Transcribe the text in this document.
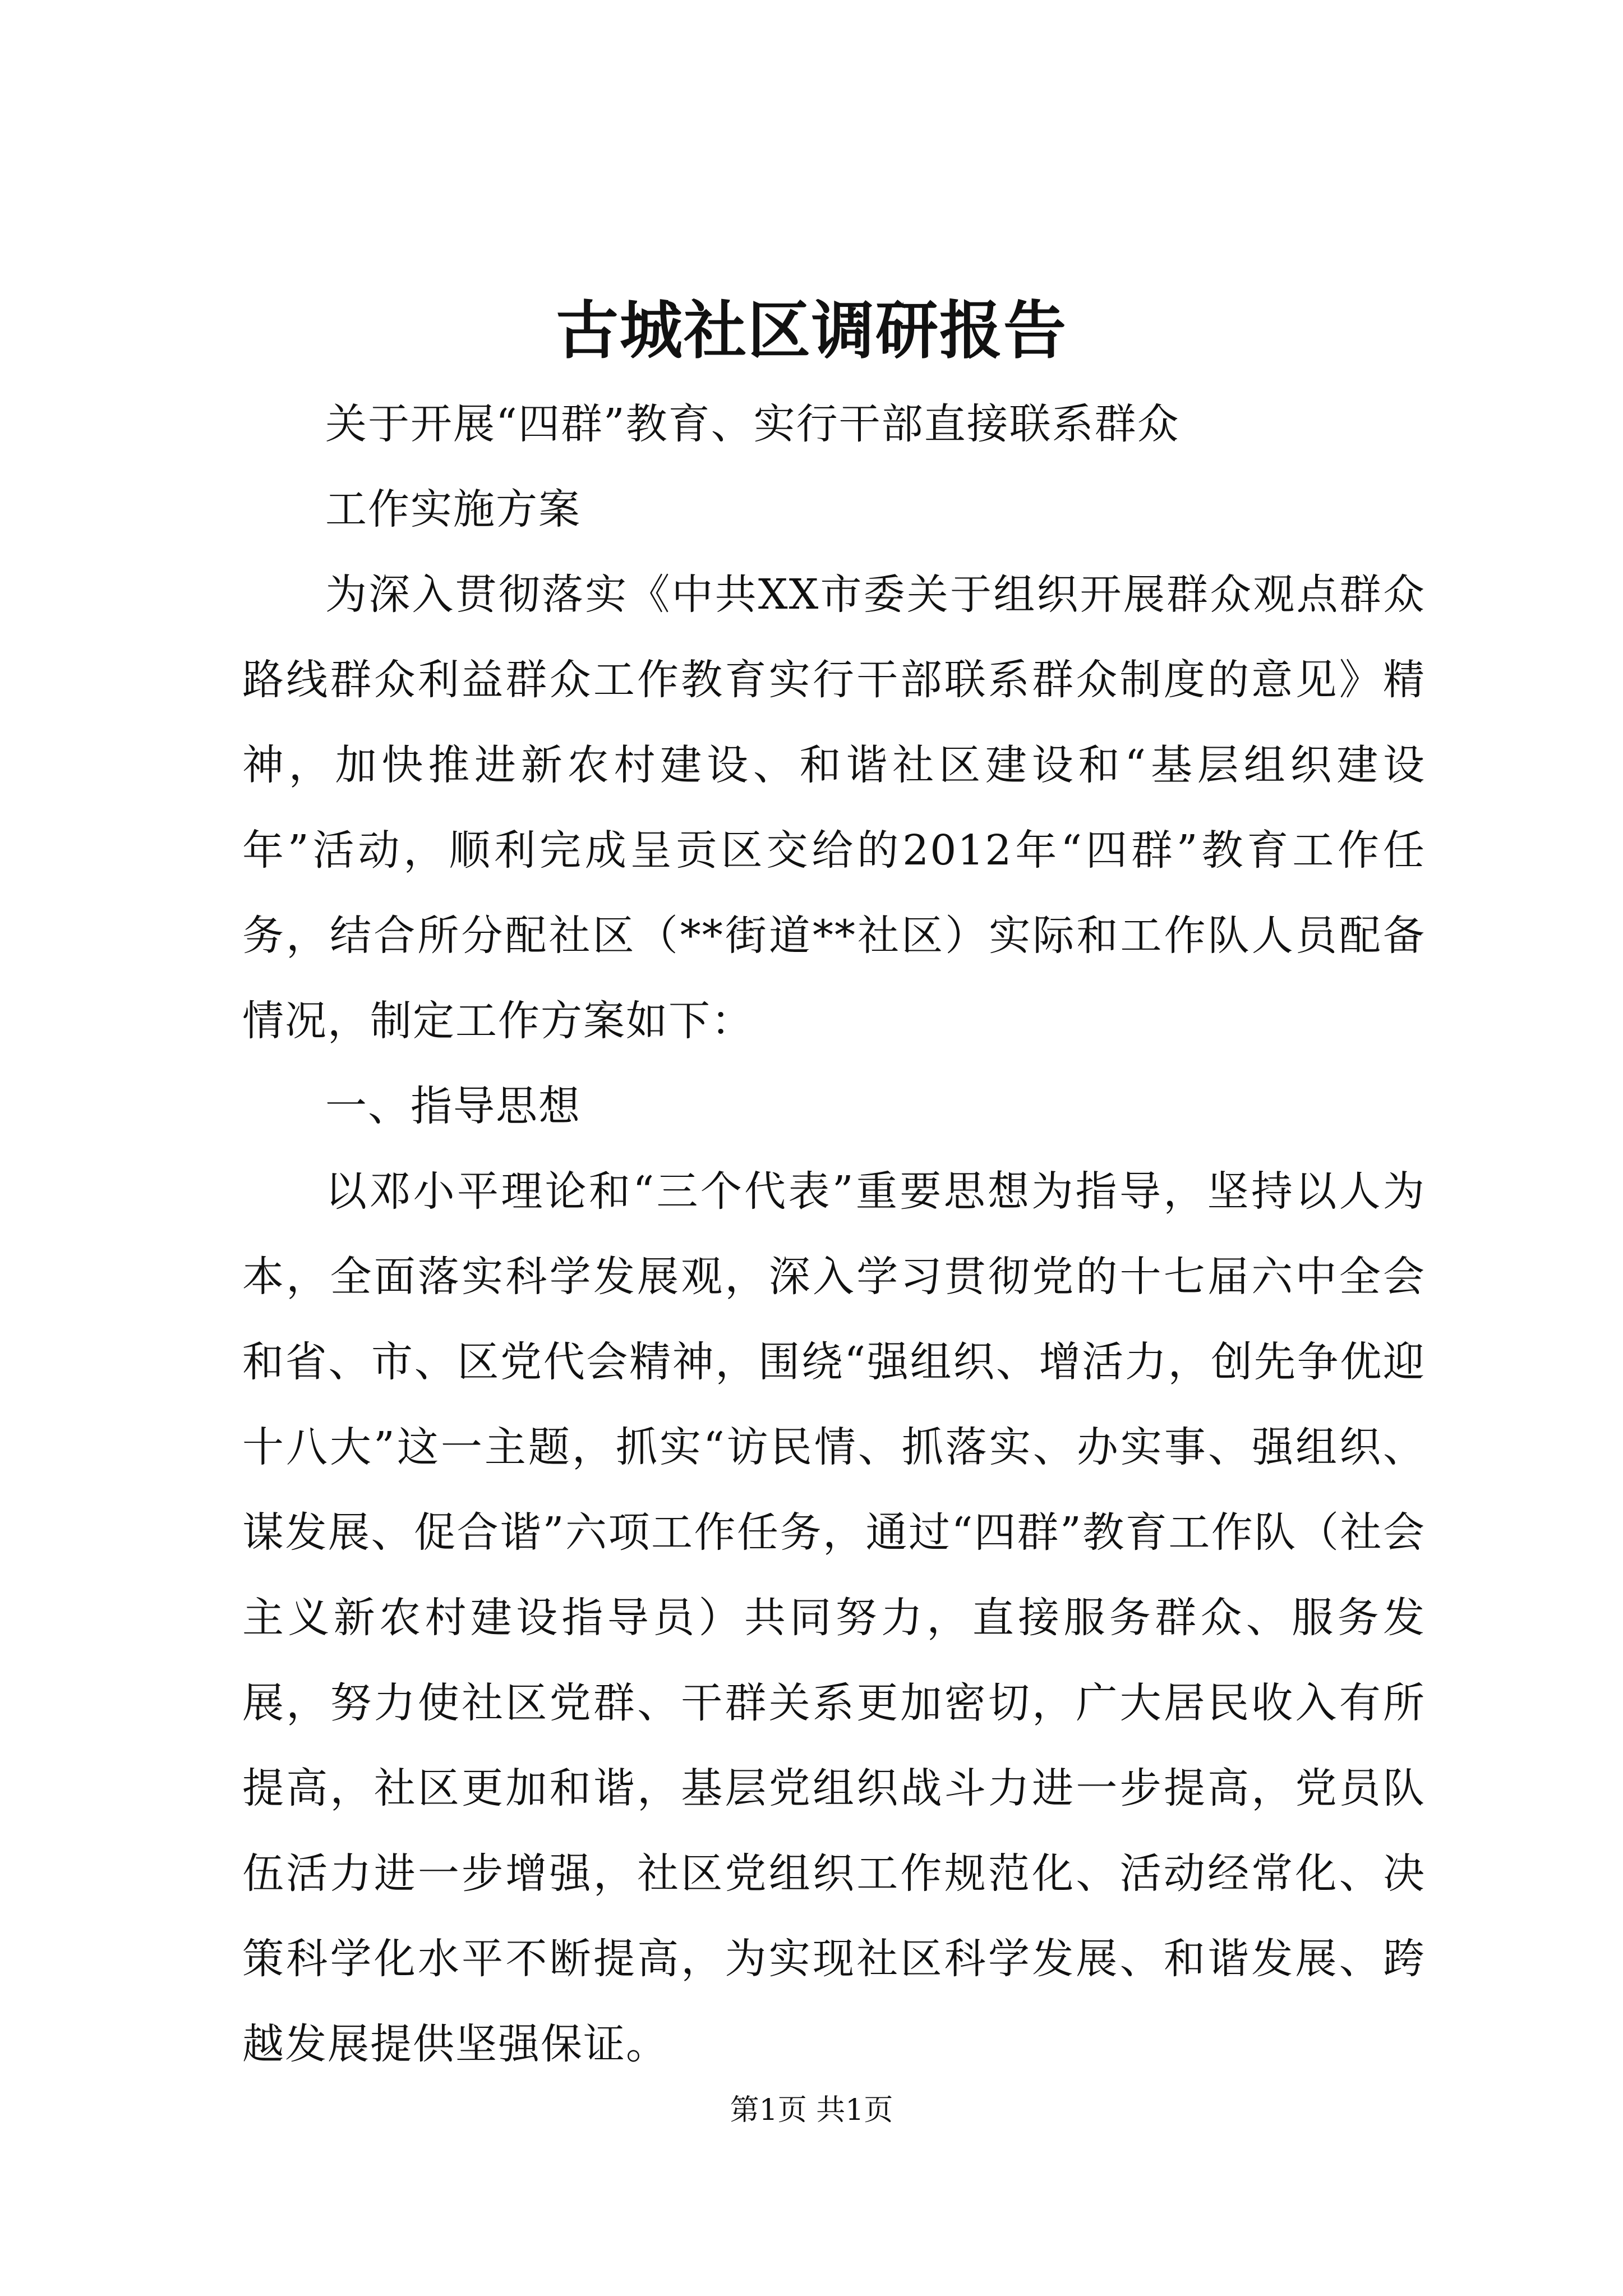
古城社区调研报告

关于开展“四群”教育、实行干部直接联系群众

工作实施方案

为深入贯彻落实《中共XX市委关于组织开展群众观点群众路线群众利益群众工作教育实行干部联系群众制度的意见》精神，加快推进新农村建设、和谐社区建设和“基层组织建设年”活动，顺利完成呈贡区交给的2012年“四群”教育工作任务，结合所分配社区（**街道**社区）实际和工作队人员配备情况，制定工作方案如下：

一、指导思想

以邓小平理论和“三个代表”重要思想为指导，坚持以人为本，全面落实科学发展观，深入学习贯彻党的十七届六中全会和省、市、区党代会精神，围绕“强组织、增活力，创先争优迎十八大”这一主题，抓实“访民情、抓落实、办实事、强组织、谋发展、促合谐”六项工作任务，通过“四群”教育工作队（社会主义新农村建设指导员）共同努力，直接服务群众、服务发展，努力使社区党群、干群关系更加密切，广大居民收入有所提高，社区更加和谐，基层党组织战斗力进一步提高，党员队伍活力进一步增强，社区党组织工作规范化、活动经常化、决策科学化水平不断提高，为实现社区科学发展、和谐发展、跨越发展提供坚强保证。

第1页 共1页
